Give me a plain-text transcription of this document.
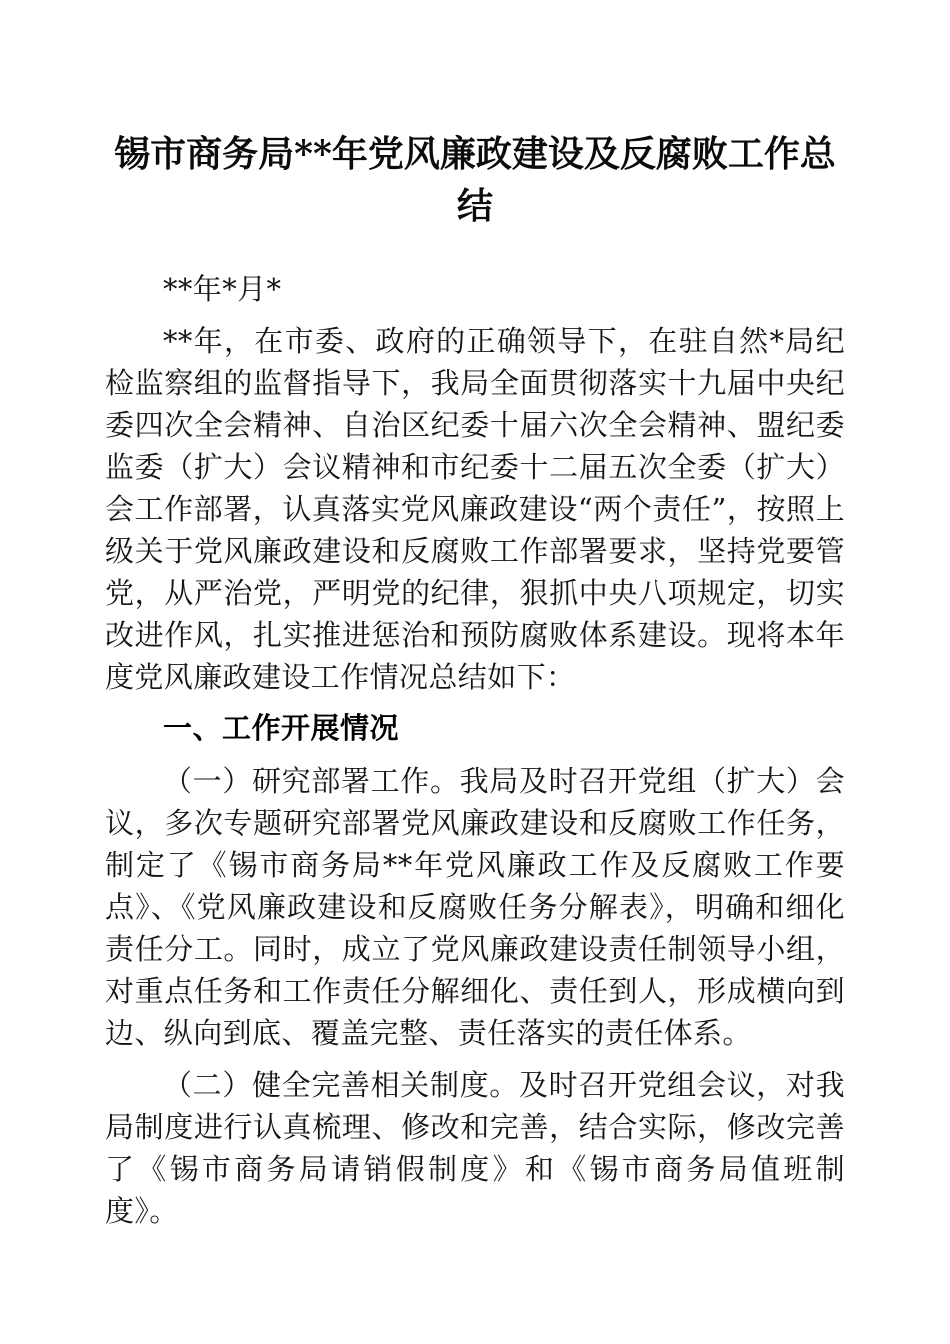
锡市商务局**年党风廉政建设及反腐败工作总结

**年*月*

**年，在市委、政府的正确领导下，在驻自然*局纪检监察组的监督指导下，我局全面贯彻落实十九届中央纪委四次全会精神、自治区纪委十届六次全会精神、盟纪委监委（扩大）会议精神和市纪委十二届五次全委（扩大）会工作部署，认真落实党风廉政建设“两个责任”，按照上级关于党风廉政建设和反腐败工作部署要求，坚持党要管党，从严治党，严明党的纪律，狠抓中央八项规定，切实改进作风，扎实推进惩治和预防腐败体系建设。现将本年度党风廉政建设工作情况总结如下：

一、工作开展情况

（一）研究部署工作。我局及时召开党组（扩大）会议，多次专题研究部署党风廉政建设和反腐败工作任务，制定了《锡市商务局**年党风廉政工作及反腐败工作要点》、《党风廉政建设和反腐败任务分解表》，明确和细化责任分工。同时，成立了党风廉政建设责任制领导小组，对重点任务和工作责任分解细化、责任到人，形成横向到边、纵向到底、覆盖完整、责任落实的责任体系。

（二）健全完善相关制度。及时召开党组会议，对我局制度进行认真梳理、修改和完善，结合实际，修改完善了《锡市商务局请销假制度》和《锡市商务局值班制度》。
